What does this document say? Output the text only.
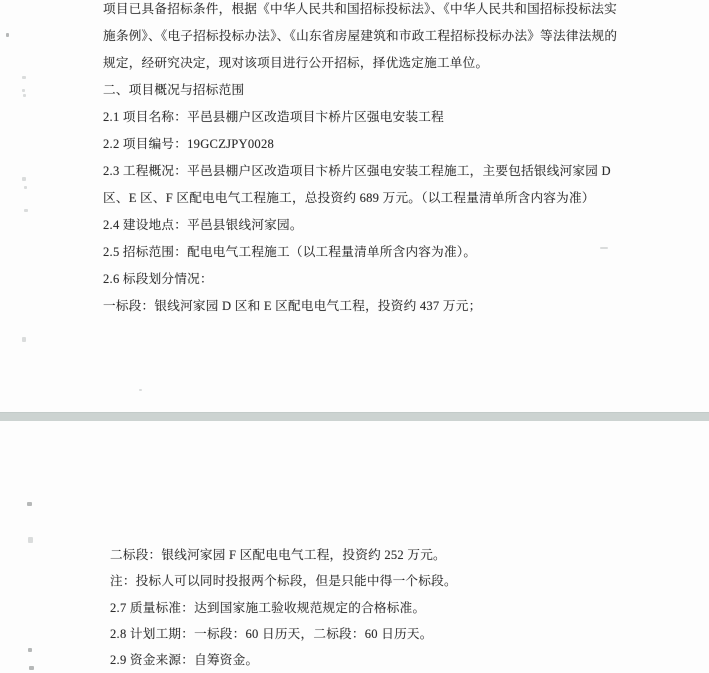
项目已具备招标条件，根据《中华人民共和国招标投标法》、《中华人民共和国招标投标法实
施条例》、《电子招标投标办法》、《山东省房屋建筑和市政工程招标投标办法》等法律法规的
规定，经研究决定，现对该项目进行公开招标，择优选定施工单位。
二、项目概况与招标范围
2.1 项目名称：平邑县棚户区改造项目卞桥片区强电安装工程
2.2 项目编号：19GCZJPY0028
2.3 工程概况：平邑县棚户区改造项目卞桥片区强电安装工程施工，主要包括银线河家园 D
区、E 区、F 区配电电气工程施工，总投资约 689 万元。（以工程量清单所含内容为准）
2.4 建设地点：平邑县银线河家园。
2.5 招标范围：配电电气工程施工（以工程量清单所含内容为准）。
2.6 标段划分情况：
一标段：银线河家园 D 区和 E 区配电电气工程，投资约 437 万元；
二标段：银线河家园 F 区配电电气工程，投资约 252 万元。
注：投标人可以同时投报两个标段，但是只能中得一个标段。
2.7 质量标准：达到国家施工验收规范规定的合格标准。
2.8 计划工期：一标段：60 日历天，二标段：60 日历天。
2.9 资金来源：自筹资金。
